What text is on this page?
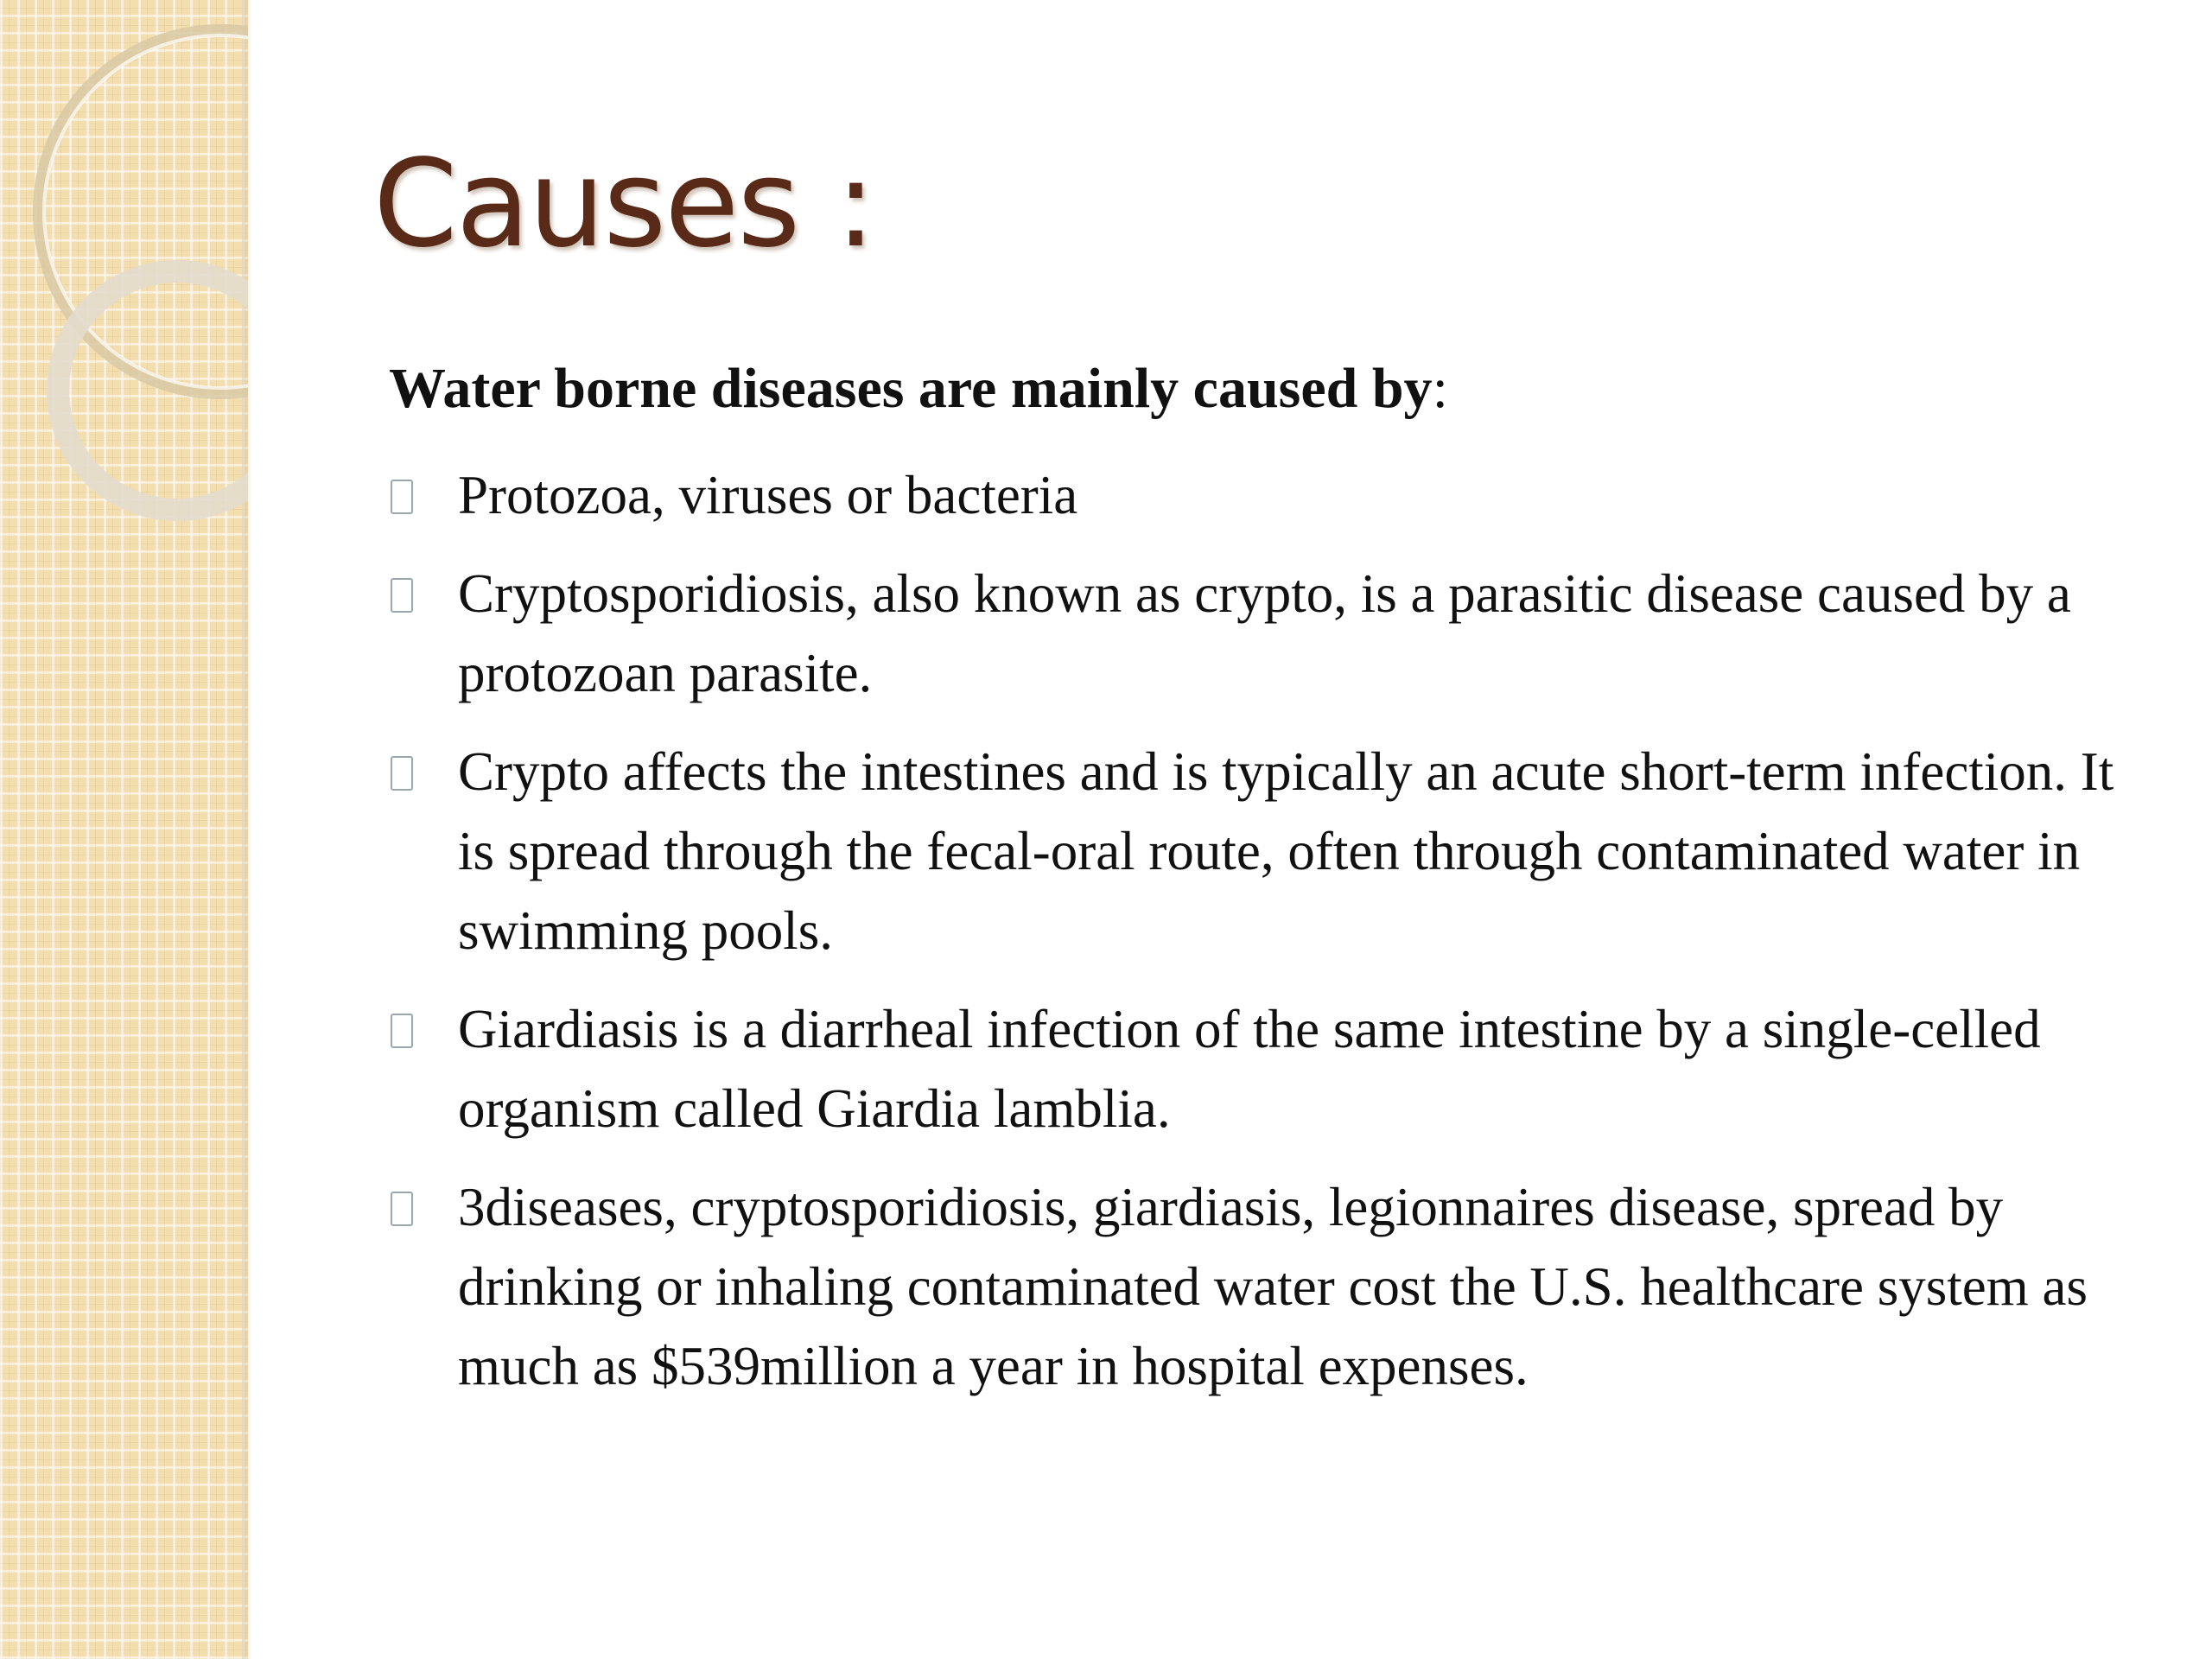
Causes :

Water borne diseases are mainly caused by:

Protozoa, viruses or bacteria
Cryptosporidiosis, also known as crypto, is a parasitic disease caused by a protozoan parasite.
Crypto affects the intestines and is typically an acute short-term infection. It is spread through the fecal-oral route, often through contaminated water in swimming pools.
Giardiasis is a diarrheal infection of the same intestine by a single-celled organism called Giardia lamblia.
3diseases, cryptosporidiosis, giardiasis, legionnaires disease, spread by drinking or inhaling contaminated water cost the U.S. healthcare system as much as $539million a year in hospital expenses.
